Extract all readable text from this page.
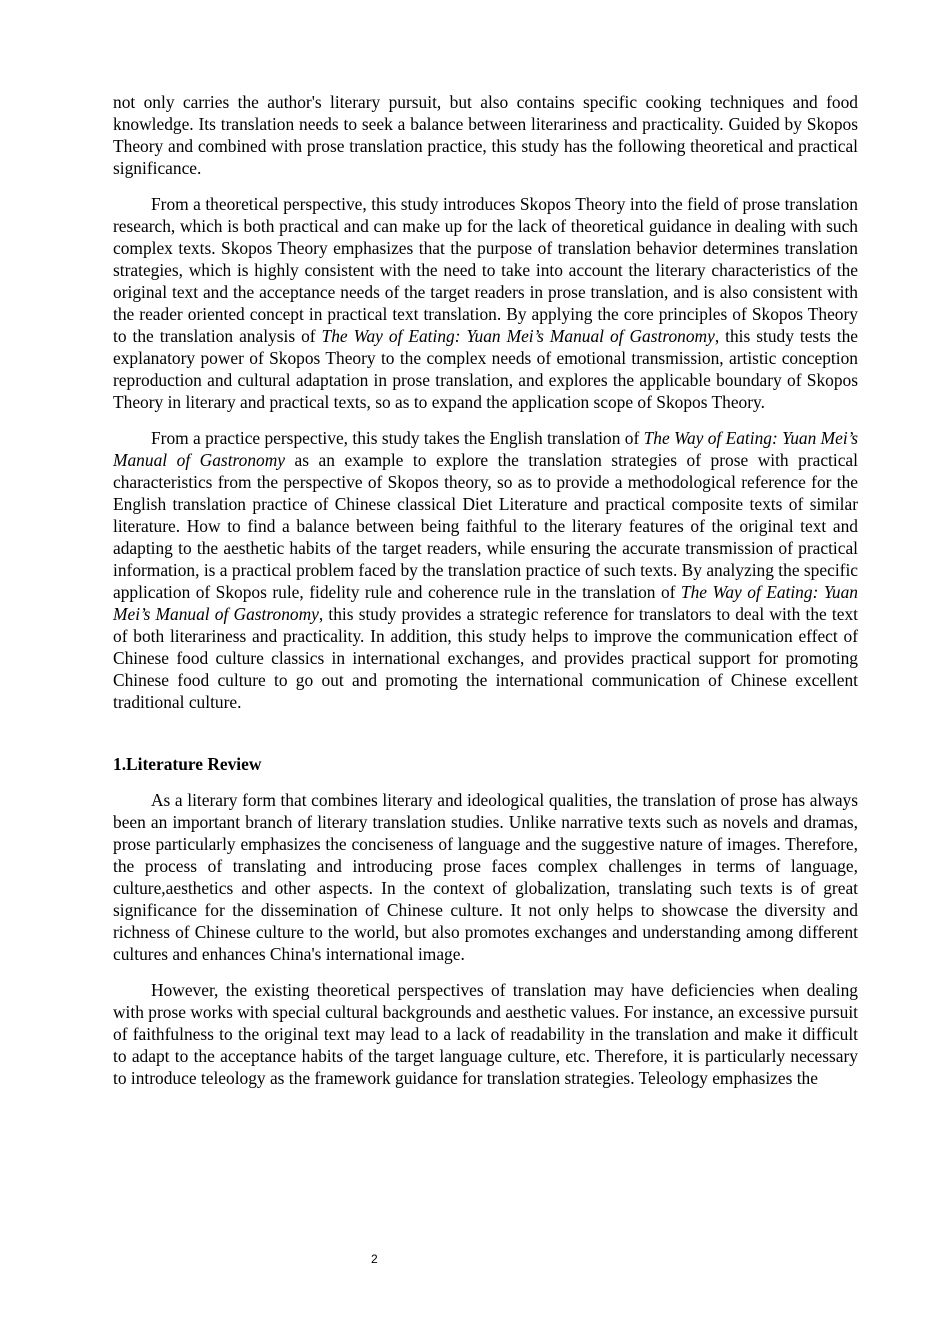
not only carries the author's literary pursuit, but also contains specific cooking techniques and food knowledge. Its translation needs to seek a balance between literariness and practicality. Guided by Skopos Theory and combined with prose translation practice, this study has the following theoretical and practical significance.

From a theoretical perspective, this study introduces Skopos Theory into the field of prose translation research, which is both practical and can make up for the lack of theoretical guidance in dealing with such complex texts. Skopos Theory emphasizes that the purpose of translation behavior determines translation strategies, which is highly consistent with the need to take into account the literary characteristics of the original text and the acceptance needs of the target readers in prose translation, and is also consistent with the reader oriented concept in practical text translation. By applying the core principles of Skopos Theory to the translation analysis of The Way of Eating: Yuan Mei’s Manual of Gastronomy, this study tests the explanatory power of Skopos Theory to the complex needs of emotional transmission, artistic conception reproduction and cultural adaptation in prose translation, and explores the applicable boundary of Skopos Theory in literary and practical texts, so as to expand the application scope of Skopos Theory.

From a practice perspective, this study takes the English translation of The Way of Eating: Yuan Mei’s Manual of Gastronomy as an example to explore the translation strategies of prose with practical characteristics from the perspective of Skopos theory, so as to provide a methodological reference for the English translation practice of Chinese classical Diet Literature and practical composite texts of similar literature. How to find a balance between being faithful to the literary features of the original text and adapting to the aesthetic habits of the target readers, while ensuring the accurate transmission of practical information, is a practical problem faced by the translation practice of such texts. By analyzing the specific application of Skopos rule, fidelity rule and coherence rule in the translation of The Way of Eating: Yuan Mei’s Manual of Gastronomy, this study provides a strategic reference for translators to deal with the text of both literariness and practicality. In addition, this study helps to improve the communication effect of Chinese food culture classics in international exchanges, and provides practical support for promoting Chinese food culture to go out and promoting the international communication of Chinese excellent traditional culture.

1.Literature Review

As a literary form that combines literary and ideological qualities, the translation of prose has always been an important branch of literary translation studies. Unlike narrative texts such as novels and dramas, prose particularly emphasizes the conciseness of language and the suggestive nature of images. Therefore, the process of translating and introducing prose faces complex challenges in terms of language, culture,aesthetics and other aspects. In the context of globalization, translating such texts is of great significance for the dissemination of Chinese culture. It not only helps to showcase the diversity and richness of Chinese culture to the world, but also promotes exchanges and understanding among different cultures and enhances China's international image.

However, the existing theoretical perspectives of translation may have deficiencies when dealing with prose works with special cultural backgrounds and aesthetic values. For instance, an excessive pursuit of faithfulness to the original text may lead to a lack of readability in the translation and make it difficult to adapt to the acceptance habits of the target language culture, etc. Therefore, it is particularly necessary to introduce teleology as the framework guidance for translation strategies. Teleology emphasizes the

2
